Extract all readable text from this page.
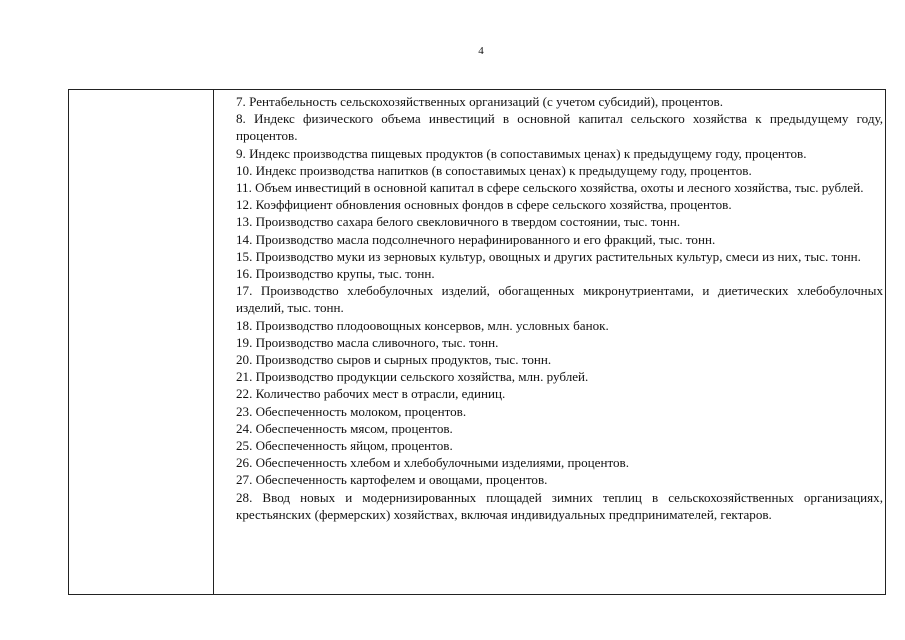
4
7. Рентабельность сельскохозяйственных организаций (с учетом субсидий), процентов.
8. Индекс физического объема инвестиций в основной капитал сельского хозяйства к предыдущему году, процентов.
9. Индекс производства пищевых продуктов (в сопоставимых ценах) к предыдущему году, процентов.
10. Индекс производства напитков (в сопоставимых ценах) к предыдущему году, процентов.
11. Объем инвестиций в основной капитал в сфере сельского хозяйства, охоты и лесного хозяйства, тыс. рублей.
12. Коэффициент обновления основных фондов в сфере сельского хозяйства, процентов.
13. Производство сахара белого свекловичного в твердом состоянии, тыс. тонн.
14. Производство масла подсолнечного нерафинированного и его фракций, тыс. тонн.
15. Производство муки из зерновых культур, овощных и других растительных культур, смеси из них, тыс. тонн.
16. Производство крупы, тыс. тонн.
17. Производство хлебобулочных изделий, обогащенных микронутриентами, и диетических хлебобулочных изделий, тыс. тонн.
18. Производство плодоовощных консервов, млн. условных банок.
19. Производство масла сливочного, тыс. тонн.
20. Производство сыров и сырных продуктов, тыс. тонн.
21. Производство продукции сельского хозяйства, млн. рублей.
22. Количество рабочих мест в отрасли, единиц.
23. Обеспеченность молоком, процентов.
24. Обеспеченность мясом, процентов.
25. Обеспеченность яйцом, процентов.
26. Обеспеченность хлебом и хлебобулочными изделиями, процентов.
27. Обеспеченность картофелем и овощами, процентов.
28. Ввод новых и модернизированных площадей зимних теплиц в сельскохозяйственных организациях, крестьянских (фермерских) хозяйствах, включая индивидуальных предпринимателей, гектаров.
